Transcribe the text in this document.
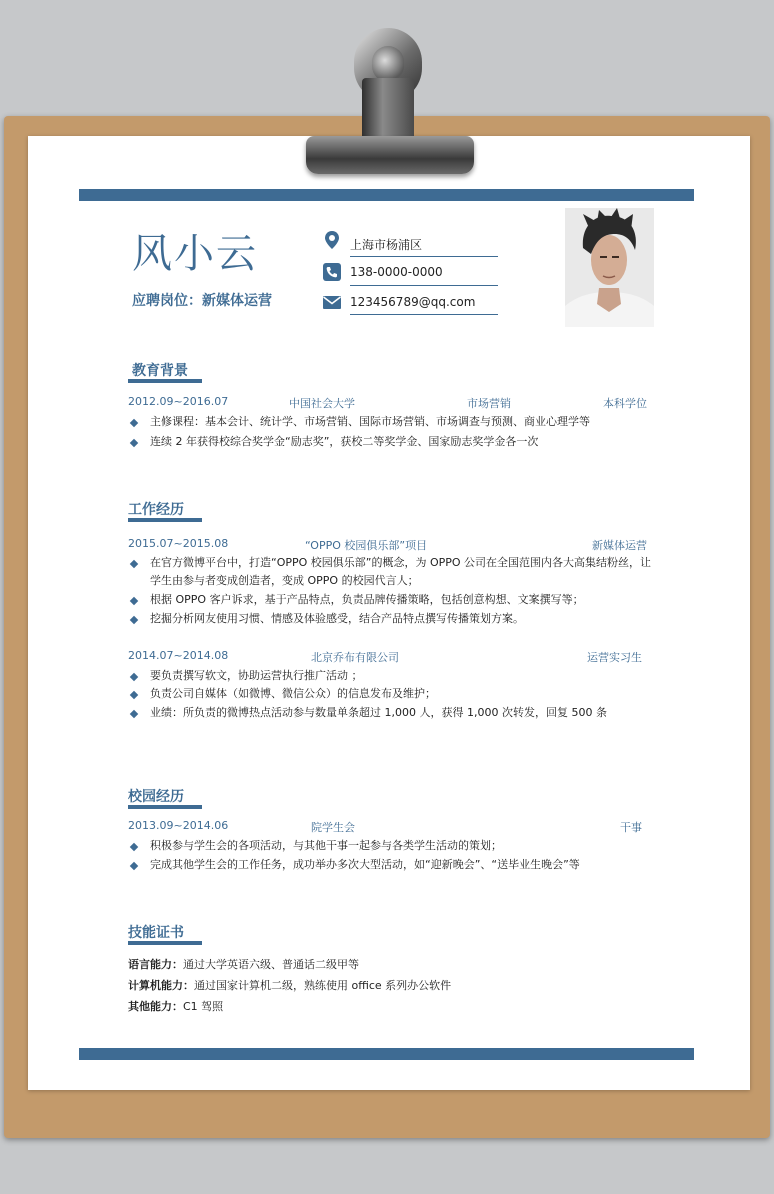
风小云
应聘岗位：新媒体运营
上海市杨浦区
138-0000-0000
123456789@qq.com
教育背景
2012.09~2016.07	中国社会大学	市场营销	本科学位
主修课程：基本会计、统计学、市场营销、国际市场营销、市场调查与预测、商业心理学等
连续 2 年获得校综合奖学金“励志奖”，获校二等奖学金、国家励志奖学金各一次
工作经历
2015.07~2015.08	“OPPO 校园俱乐部”项目	新媒体运营
在官方微博平台中，打造“OPPO 校园俱乐部”的概念，为 OPPO 公司在全国范围内各大高集结粉丝，让
学生由参与者变成创造者，变成 OPPO 的校园代言人；
根据 OPPO 客户诉求，基于产品特点，负责品牌传播策略，包括创意构想、文案撰写等；
挖掘分析网友使用习惯、情感及体验感受，结合产品特点撰写传播策划方案。
2014.07~2014.08	北京乔布有限公司	运营实习生
要负责撰写软文，协助运营执行推广活动 ；
负责公司自媒体（如微博、微信公众）的信息发布及维护；
业绩：所负责的微博热点活动参与数量单条超过 1,000 人，获得 1,000 次转发，回复 500 条
校园经历
2013.09~2014.06	院学生会	干事
积极参与学生会的各项活动，与其他干事一起参与各类学生活动的策划；
完成其他学生会的工作任务，成功举办多次大型活动，如“迎新晚会”、“送毕业生晚会”等
技能证书
语言能力：通过大学英语六级、普通话二级甲等
计算机能力：通过国家计算机二级，熟练使用 office 系列办公软件
其他能力：C1 驾照
